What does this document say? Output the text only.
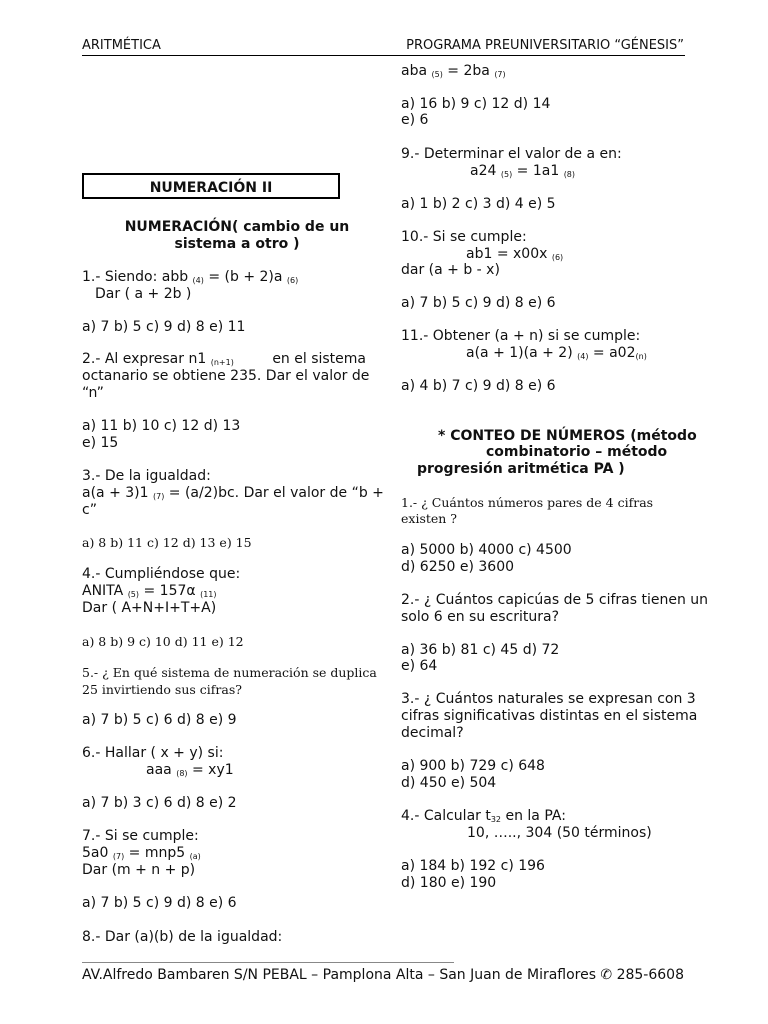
ARITMÉTICA	PROGRAMA PREUNIVERSITARIO “GÉNESIS”
NUMERACIÓN II
NUMERACIÓN( cambio de un
sistema a otro )
1.- Siendo: abb $_{(4)}$ = (b + 2)a $_{(6)}$
Dar ( a + 2b )
a) 7 b) 5 c) 9 d) 8 e) 11
2.- Al expresar n1 $_{(n+1)}$	en el sistema
octanario se obtiene 235. Dar el valor de
“n”
a) 11 b) 10 c) 12 d) 13
e) 15
3.- De la igualdad:
a(a + 3)1 $_{(7)}$ = (a/2)bc. Dar el valor de “b +
c”
a) 8 b) 11 c) 12 d) 13 e) 15
4.- Cumpliéndose que:
ANITA $_{(5)}$ = 157α $_{(11)}$
Dar ( A+N+I+T+A)
a) 8 b) 9 c) 10 d) 11 e) 12
5.- ¿ En qué sistema de numeración se duplica
25 invirtiendo sus cifras?
a) 7 b) 5 c) 6 d) 8 e) 9
6.- Hallar ( x + y) si:
aaa $_{(8)}$ = xy1
a) 7 b) 3 c) 6 d) 8 e) 2
7.- Si se cumple:
5a0 $_{(7)}$ = mnp5 $_{(a)}$
Dar (m + n + p)
a) 7 b) 5 c) 9 d) 8 e) 6
8.- Dar (a)(b) de la igualdad:
aba $_{(5)}$ = 2ba $_{(7)}$
a) 16 b) 9 c) 12 d) 14
e) 6
9.- Determinar el valor de a en:
a24 $_{(5)}$ = 1a1 $_{(8)}$
a) 1 b) 2 c) 3 d) 4 e) 5
10.- Si se cumple:
ab1 = x00x $_{(6)}$
dar (a + b - x)
a) 7 b) 5 c) 9 d) 8 e) 6
11.- Obtener (a + n) si se cumple:
a(a + 1)(a + 2) $_{(4)} = a02_{(n)}$
a) 4 b) 7 c) 9 d) 8 e) 6
* CONTEO DE NÚMEROS (método
combinatorio – método
progresión aritmética PA )
1.- ¿ Cuántos números pares de 4 cifras
existen ?
a) 5000 b) 4000 c) 4500
d) 6250 e) 3600
2.- ¿ Cuántos capicúas de 5 cifras tienen un
solo 6 en su escritura?
a) 36 b) 81 c) 45 d) 72
e) 64
3.- ¿ Cuántos naturales se expresan con 3
cifras significativas distintas en el sistema
decimal?
a) 900 b) 729 c) 648
d) 450 e) 504
4.- Calcular $t_{32}$ en la PA:
10, ….., 304 (50 términos)
a) 184 b) 192 c) 196
d) 180 e) 190
AV.Alfredo Bambaren S/N PEBAL – Pamplona Alta – San Juan de Miraflores ✆ 285-6608
